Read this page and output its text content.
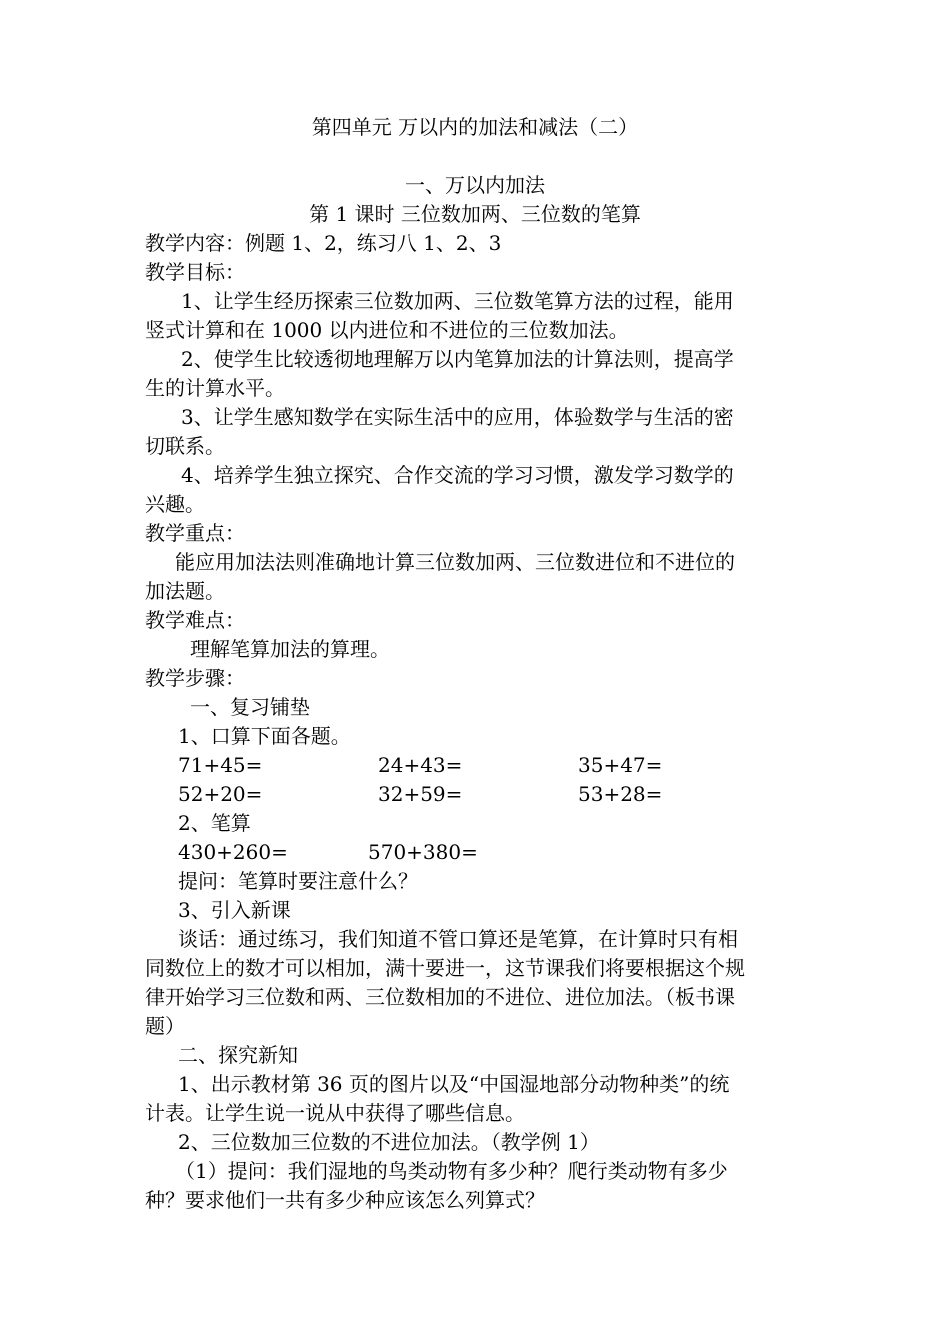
第四单元 万以内的加法和减法（二）
一、万以内加法
第 1 课时 三位数加两、三位数的笔算
教学内容：例题 1、2，练习八 1、2、3
教学目标：
1、让学生经历探索三位数加两、三位数笔算方法的过程，能用
竖式计算和在 1000 以内进位和不进位的三位数加法。
2、使学生比较透彻地理解万以内笔算加法的计算法则，提高学
生的计算水平。
3、让学生感知数学在实际生活中的应用，体验数学与生活的密
切联系。
4、培养学生独立探究、合作交流的学习习惯，激发学习数学的
兴趣。
教学重点：
能应用加法法则准确地计算三位数加两、三位数进位和不进位的
加法题。
教学难点：
理解笔算加法的算理。
教学步骤：
一、复习铺垫
1、口算下面各题。
71+45=	24+43=	35+47=
52+20=	32+59=	53+28=
2、笔算
430+260=	570+380=
提问：笔算时要注意什么？
3、引入新课
谈话：通过练习，我们知道不管口算还是笔算，在计算时只有相
同数位上的数才可以相加，满十要进一，这节课我们将要根据这个规
律开始学习三位数和两、三位数相加的不进位、进位加法。（板书课
题）
二、探究新知
1、出示教材第 36 页的图片以及“中国湿地部分动物种类”的统
计表。让学生说一说从中获得了哪些信息。
2、三位数加三位数的不进位加法。（教学例 1）
（1）提问：我们湿地的鸟类动物有多少种？爬行类动物有多少
种？要求他们一共有多少种应该怎么列算式？
